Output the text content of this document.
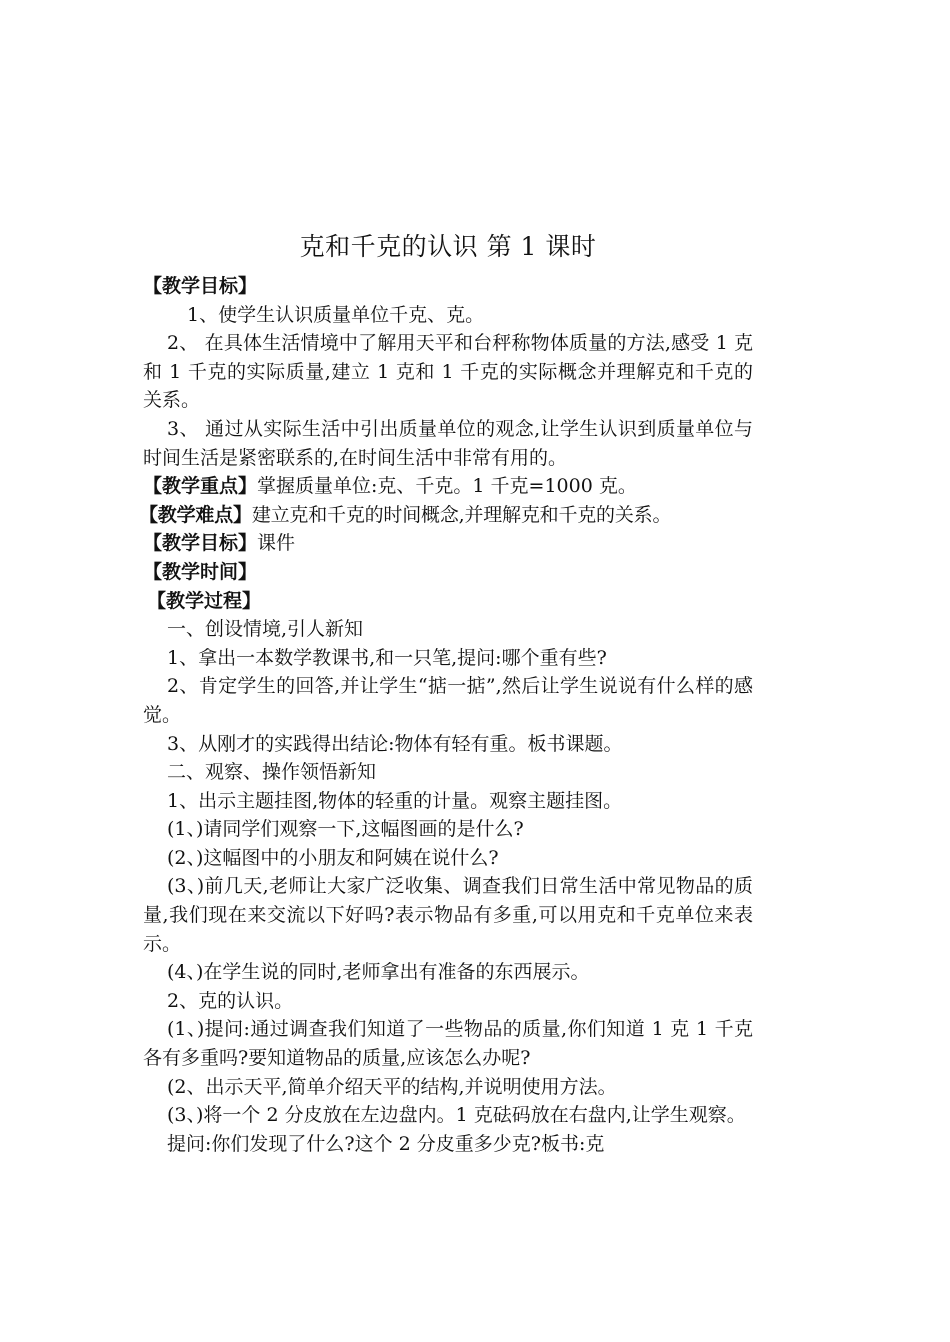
克和千克的认识 第 1 课时

【教学目标】

1、使学生认识质量单位千克、克。

2、 在具体生活情境中了解用天平和台秤称物体质量的方法,感受 1 克和 1 千克的实际质量,建立 1 克和 1 千克的实际概念并理解克和千克的关系。

3、 通过从实际生活中引出质量单位的观念,让学生认识到质量单位与时间生活是紧密联系的,在时间生活中非常有用的。

【教学重点】掌握质量单位:克、千克。1 千克=1000 克。

【教学难点】建立克和千克的时间概念,并理解克和千克的关系。

【教学目标】课件

【教学时间】

【教学过程】

一、创设情境,引人新知

1、拿出一本数学教课书,和一只笔,提问:哪个重有些?

2、肯定学生的回答,并让学生“掂一掂”,然后让学生说说有什么样的感觉。

3、从刚才的实践得出结论:物体有轻有重。板书课题。

二、观察、操作领悟新知

1、出示主题挂图,物体的轻重的计量。观察主题挂图。

(1、)请同学们观察一下,这幅图画的是什么?

(2、)这幅图中的小朋友和阿姨在说什么?

(3、)前几天,老师让大家广泛收集、调查我们日常生活中常见物品的质量,我们现在来交流以下好吗?表示物品有多重,可以用克和千克单位来表示。

(4、)在学生说的同时,老师拿出有准备的东西展示。

2、克的认识。

(1、)提问:通过调查我们知道了一些物品的质量,你们知道 1 克 1 千克各有多重吗?要知道物品的质量,应该怎么办呢?

(2、出示天平,简单介绍天平的结构,并说明使用方法。

(3、)将一个 2 分皮放在左边盘内。1 克砝码放在右盘内,让学生观察。

提问:你们发现了什么?这个 2 分皮重多少克?板书:克
